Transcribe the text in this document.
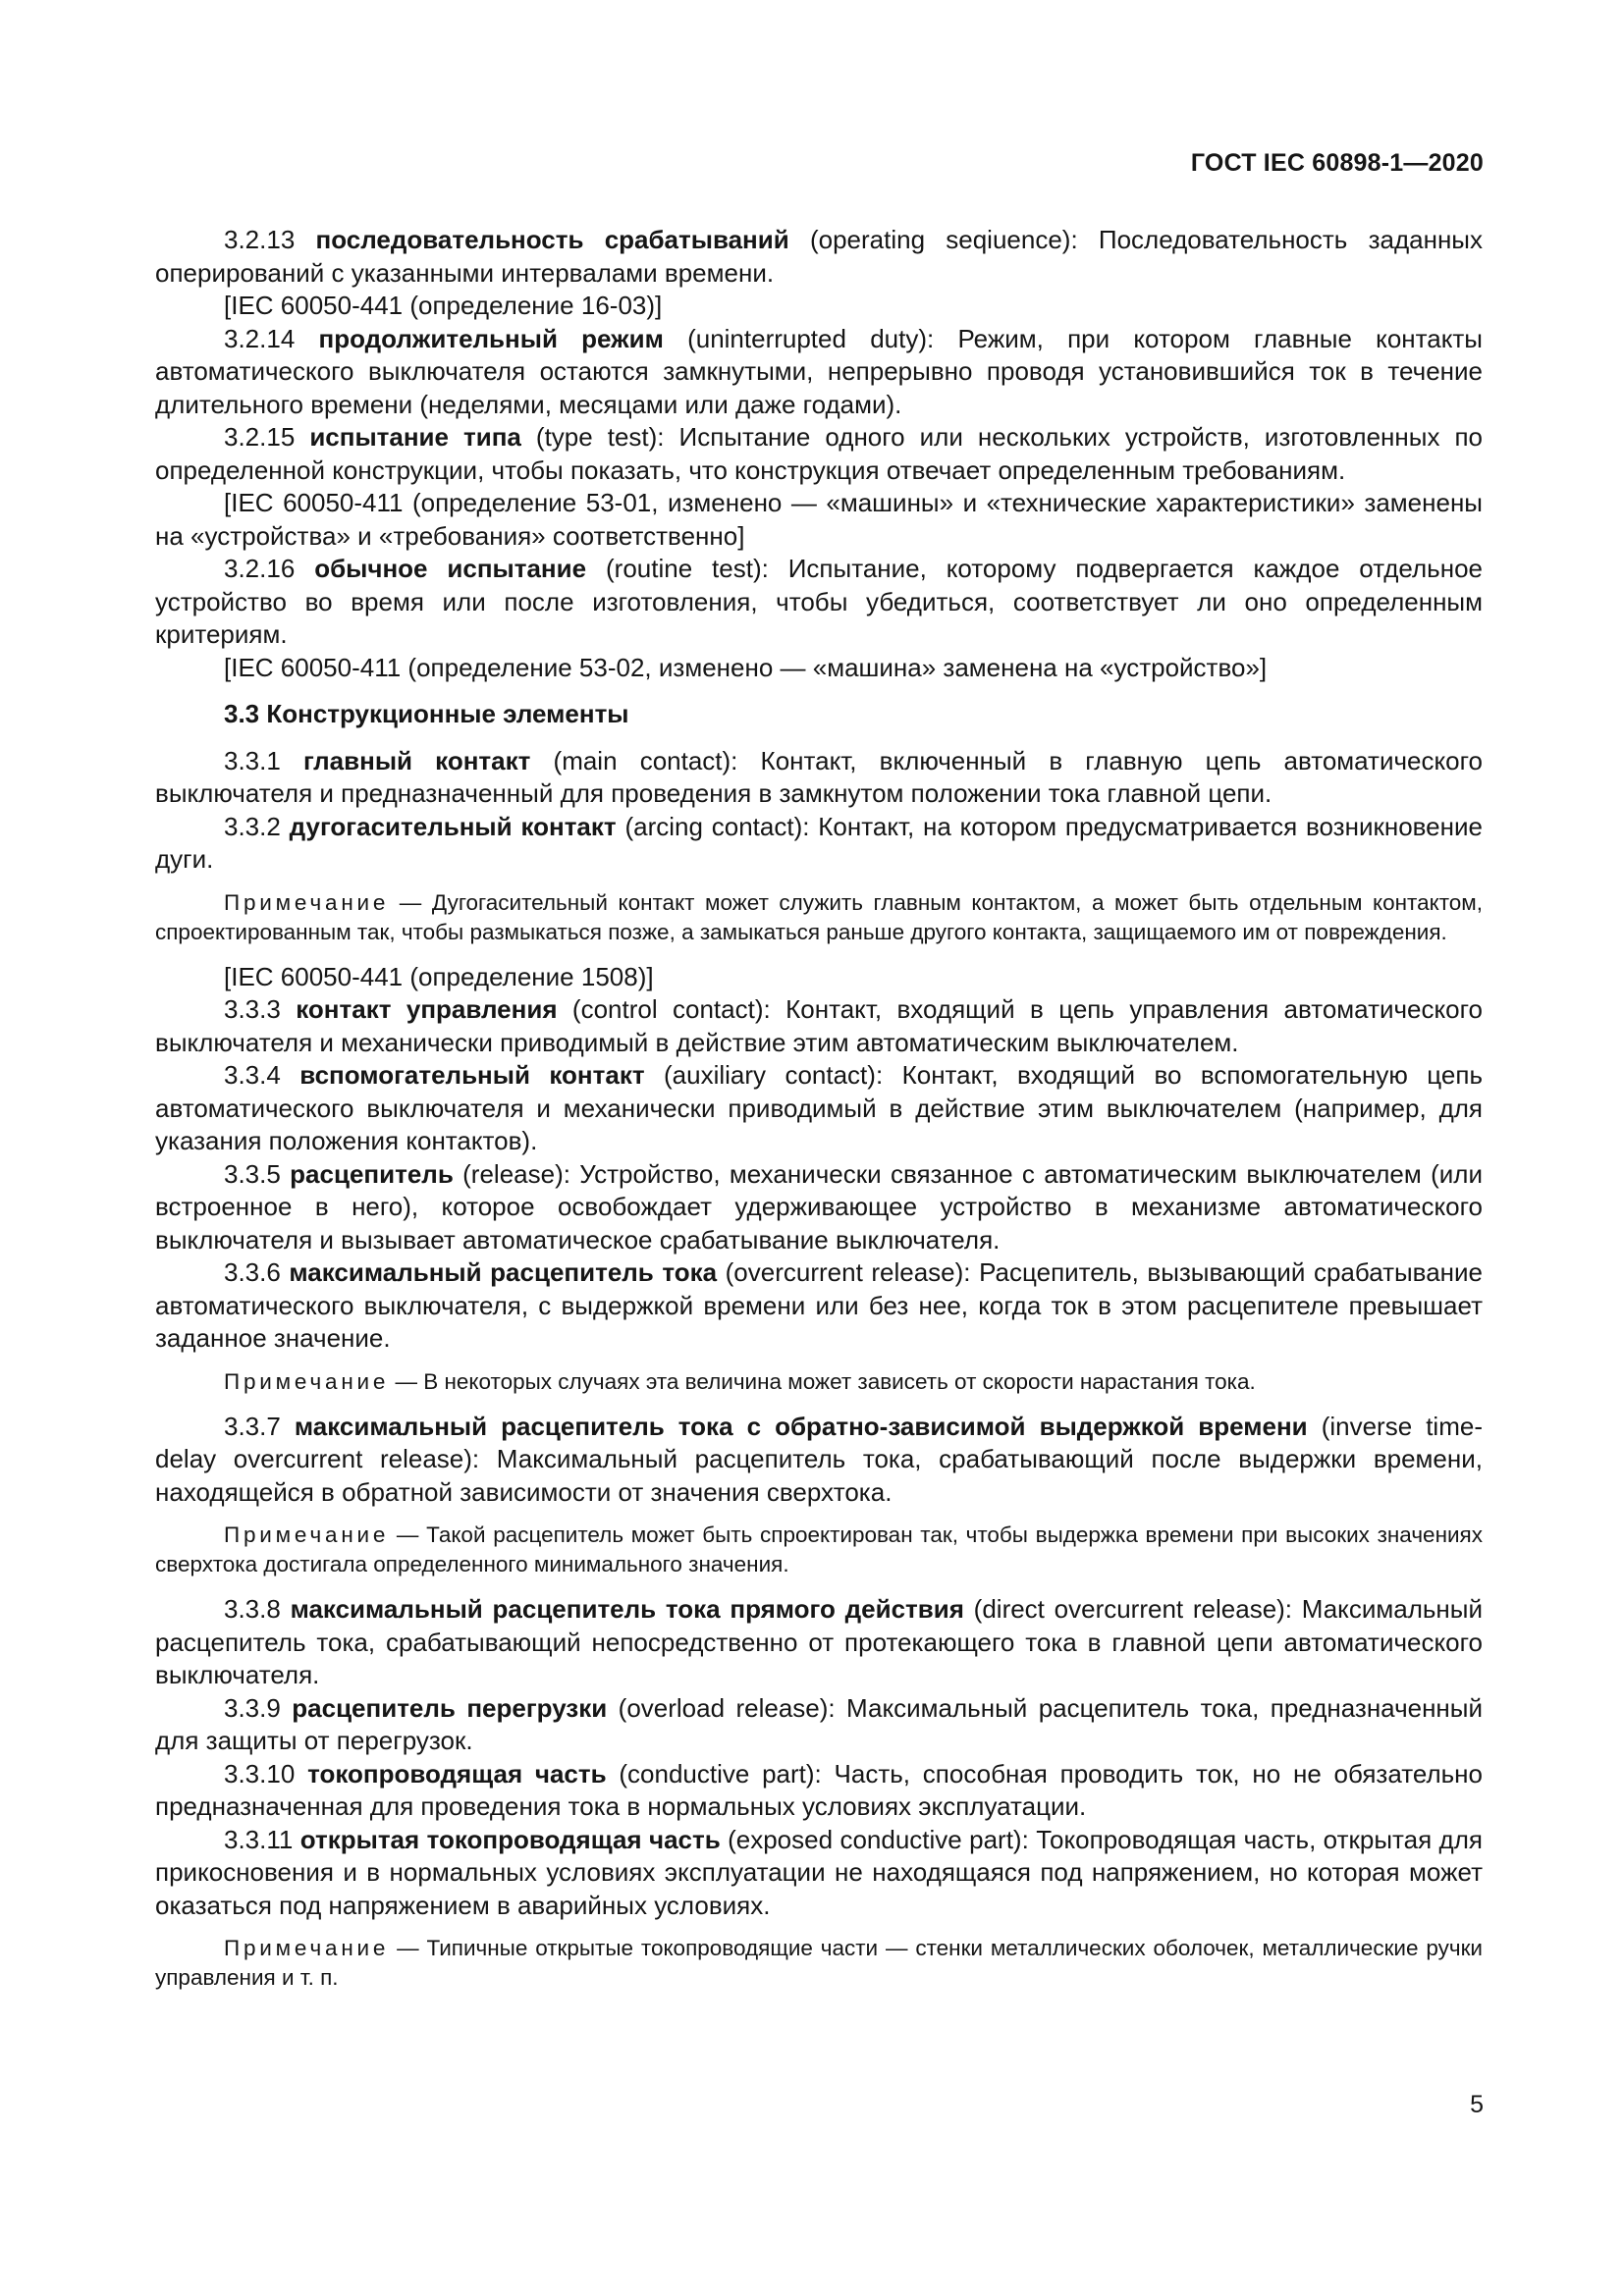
ГОСТ IEC 60898-1—2020

3.2.13 последовательность срабатываний (operating seqiuence): Последовательность заданных оперирований с указанными интервалами времени.

[IEC 60050-441 (определение 16-03)]

3.2.14 продолжительный режим (uninterrupted duty): Режим, при котором главные контакты автоматического выключателя остаются замкнутыми, непрерывно проводя установившийся ток в течение длительного времени (неделями, месяцами или даже годами).

3.2.15 испытание типа (type test): Испытание одного или нескольких устройств, изготовленных по определенной конструкции, чтобы показать, что конструкция отвечает определенным требованиям.

[IEC 60050-411 (определение 53-01, изменено — «машины» и «технические характеристики» заменены на «устройства» и «требования» соответственно]

3.2.16 обычное испытание (routine test): Испытание, которому подвергается каждое отдельное устройство во время или после изготовления, чтобы убедиться, соответствует ли оно определенным критериям.

[IEC 60050-411 (определение 53-02, изменено — «машина» заменена на «устройство»]

3.3 Конструкционные элементы

3.3.1 главный контакт (main contact): Контакт, включенный в главную цепь автоматического выключателя и предназначенный для проведения в замкнутом положении тока главной цепи.

3.3.2 дугогасительный контакт (arcing contact): Контакт, на котором предусматривается возникновение дуги.

Примечание — Дугогасительный контакт может служить главным контактом, а может быть отдельным контактом, спроектированным так, чтобы размыкаться позже, а замыкаться раньше другого контакта, защищаемого им от повреждения.

[IEC 60050-441 (определение 1508)]

3.3.3 контакт управления (control contact): Контакт, входящий в цепь управления автоматического выключателя и механически приводимый в действие этим автоматическим выключателем.

3.3.4 вспомогательный контакт (auxiliary contact): Контакт, входящий во вспомогательную цепь автоматического выключателя и механически приводимый в действие этим выключателем (например, для указания положения контактов).

3.3.5 расцепитель (release): Устройство, механически связанное с автоматическим выключателем (или встроенное в него), которое освобождает удерживающее устройство в механизме автоматического выключателя и вызывает автоматическое срабатывание выключателя.

3.3.6 максимальный расцепитель тока (overcurrent release): Расцепитель, вызывающий срабатывание автоматического выключателя, с выдержкой времени или без нее, когда ток в этом расцепителе превышает заданное значение.

Примечание — В некоторых случаях эта величина может зависеть от скорости нарастания тока.

3.3.7 максимальный расцепитель тока с обратно-зависимой выдержкой времени (inverse time-delay overcurrent release): Максимальный расцепитель тока, срабатывающий после выдержки времени, находящейся в обратной зависимости от значения сверхтока.

Примечание — Такой расцепитель может быть спроектирован так, чтобы выдержка времени при высоких значениях сверхтока достигала определенного минимального значения.

3.3.8 максимальный расцепитель тока прямого действия (direct overcurrent release): Максимальный расцепитель тока, срабатывающий непосредственно от протекающего тока в главной цепи автоматического выключателя.

3.3.9 расцепитель перегрузки (overload release): Максимальный расцепитель тока, предназначенный для защиты от перегрузок.

3.3.10 токопроводящая часть (conductive part): Часть, способная проводить ток, но не обязательно предназначенная для проведения тока в нормальных условиях эксплуатации.

3.3.11 открытая токопроводящая часть (exposed conductive part): Токопроводящая часть, открытая для прикосновения и в нормальных условиях эксплуатации не находящаяся под напряжением, но которая может оказаться под напряжением в аварийных условиях.

Примечание — Типичные открытые токопроводящие части — стенки металлических оболочек, металлические ручки управления и т. п.

5
